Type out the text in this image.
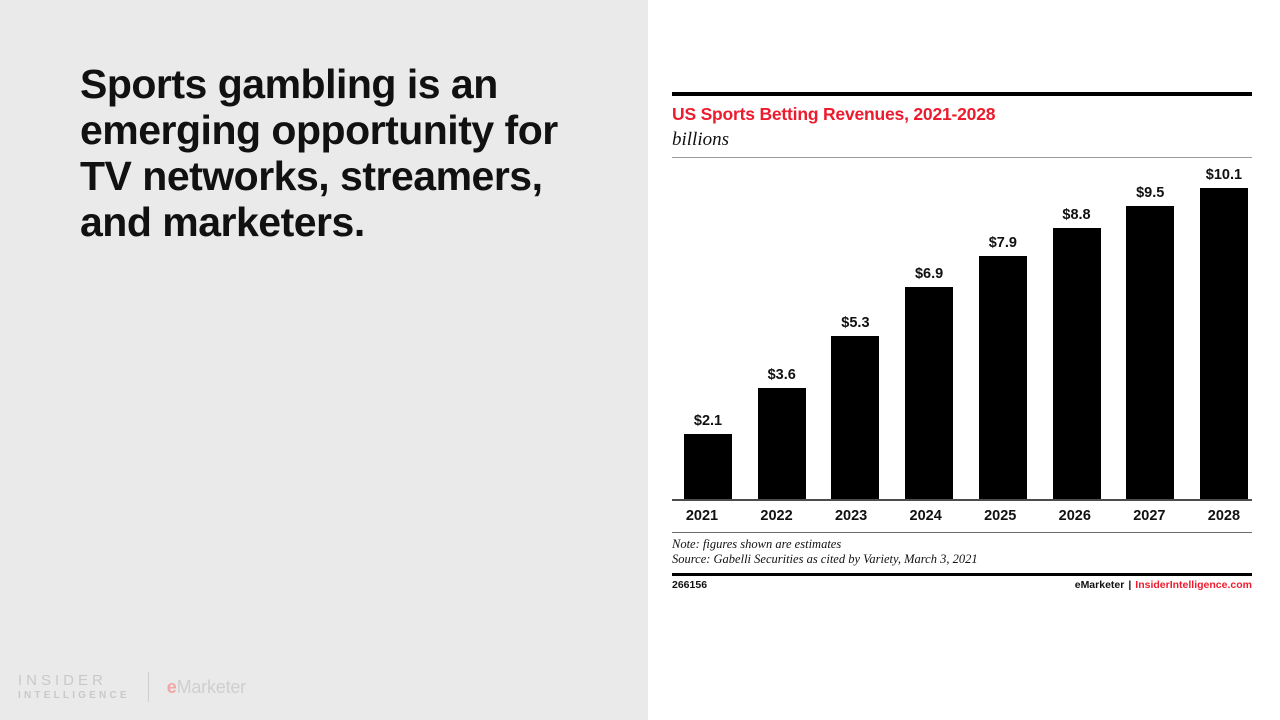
Sports gambling is an emerging opportunity for TV networks, streamers, and marketers.
INSIDER
INTELLIGENCE eMarketer
US Sports Betting Revenues, 2021-2028
billions
$2.1
$3.6
$5.3
$6.9
$7.9
$8.8
$9.5
$10.1
2021	2022	2023	2024	2025	2026	2027	2028
Note: figures shown are estimates
Source: Gabelli Securities as cited by Variety, March 3, 2021
266156	eMarketer | InsiderIntelligence.com
